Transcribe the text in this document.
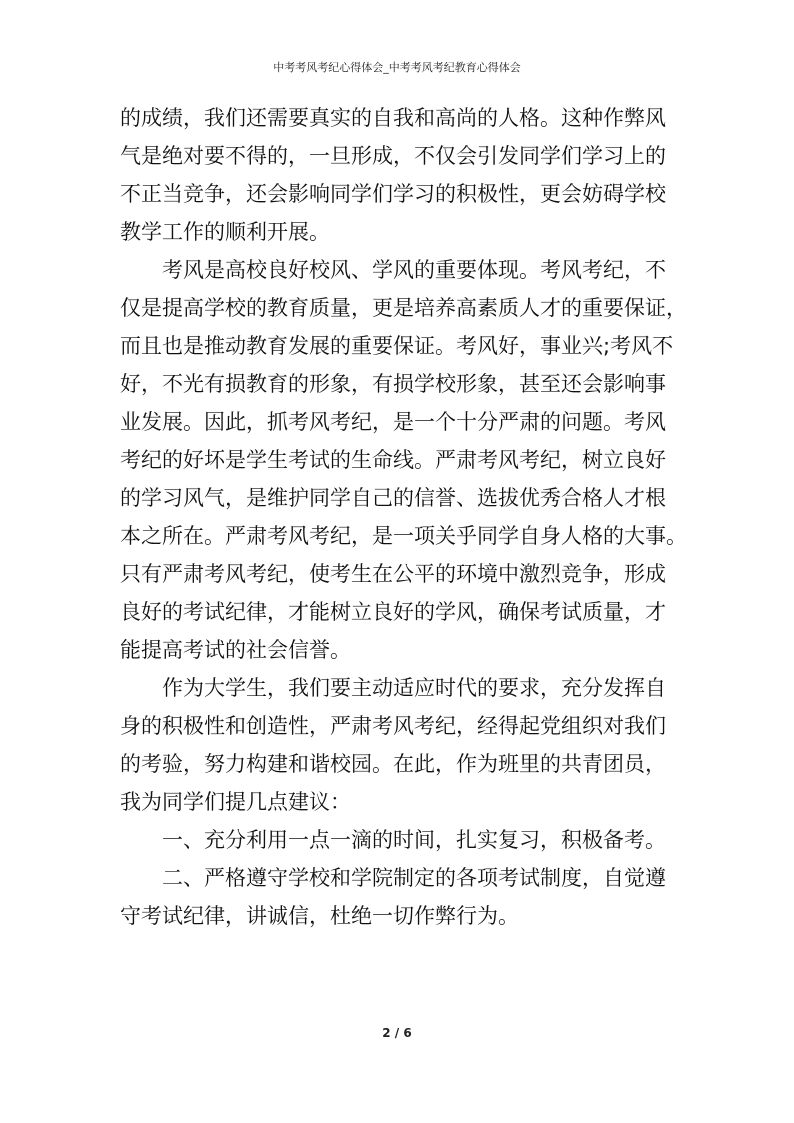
中考考风考纪心得体会_中考考风考纪教育心得体会
的成绩，我们还需要真实的自我和高尚的人格。这种作弊风
气是绝对要不得的，一旦形成，不仅会引发同学们学习上的
不正当竞争，还会影响同学们学习的积极性，更会妨碍学校
教学工作的顺利开展。
考风是高校良好校风、学风的重要体现。考风考纪，不
仅是提高学校的教育质量，更是培养高素质人才的重要保证，
而且也是推动教育发展的重要保证。考风好，事业兴;考风不
好，不光有损教育的形象，有损学校形象，甚至还会影响事
业发展。因此，抓考风考纪，是一个十分严肃的问题。考风
考纪的好坏是学生考试的生命线。严肃考风考纪，树立良好
的学习风气，是维护同学自己的信誉、选拔优秀合格人才根
本之所在。严肃考风考纪，是一项关乎同学自身人格的大事。
只有严肃考风考纪，使考生在公平的环境中激烈竞争，形成
良好的考试纪律，才能树立良好的学风，确保考试质量，才
能提高考试的社会信誉。
作为大学生，我们要主动适应时代的要求，充分发挥自
身的积极性和创造性，严肃考风考纪，经得起党组织对我们
的考验，努力构建和谐校园。在此，作为班里的共青团员，
我为同学们提几点建议：
一、充分利用一点一滴的时间，扎实复习，积极备考。
二、严格遵守学校和学院制定的各项考试制度，自觉遵
守考试纪律，讲诚信，杜绝一切作弊行为。
2 / 6
